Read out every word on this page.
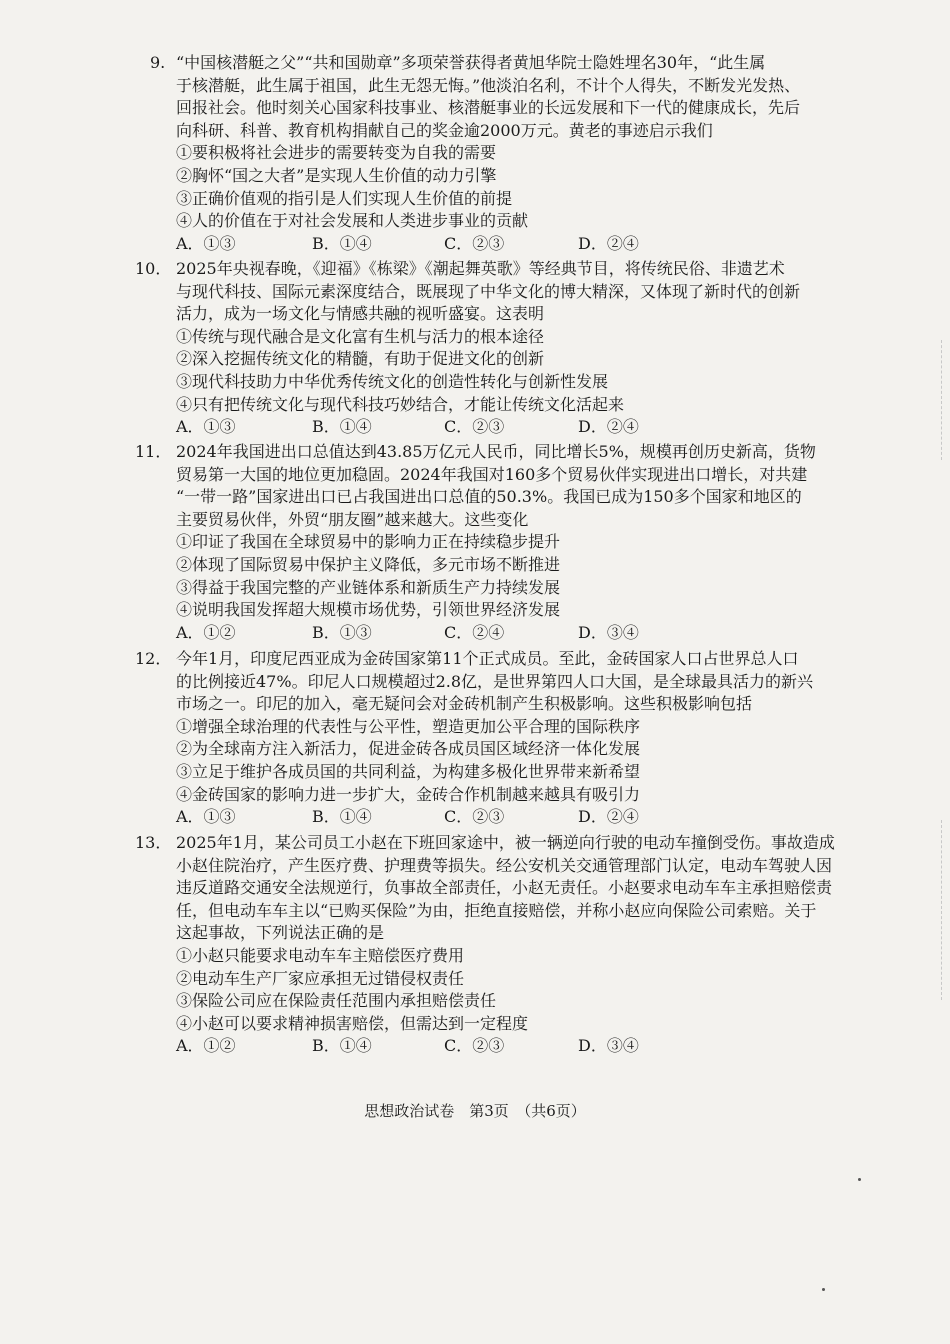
9. “中国核潜艇之父”“共和国勋章”多项荣誉获得者黄旭华院士隐姓埋名30年，“此生属
于核潜艇，此生属于祖国，此生无怨无悔。”他淡泊名利，不计个人得失，不断发光发热、
回报社会。他时刻关心国家科技事业、核潜艇事业的长远发展和下一代的健康成长，先后
向科研、科普、教育机构捐献自己的奖金逾2000万元。黄老的事迹启示我们
①要积极将社会进步的需要转变为自我的需要
②胸怀“国之大者”是实现人生价值的动力引擎
③正确价值观的指引是人们实现人生价值的前提
④人的价值在于对社会发展和人类进步事业的贡献
A．①③	B．①④	C．②③	D．②④
10． 2025年央视春晚，《迎福》《栋梁》《潮起舞英歌》等经典节目，将传统民俗、非遗艺术
与现代科技、国际元素深度结合，既展现了中华文化的博大精深，又体现了新时代的创新
活力，成为一场文化与情感共融的视听盛宴。这表明
①传统与现代融合是文化富有生机与活力的根本途径
②深入挖掘传统文化的精髓，有助于促进文化的创新
③现代科技助力中华优秀传统文化的创造性转化与创新性发展
④只有把传统文化与现代科技巧妙结合，才能让传统文化活起来
A．①③	B．①④	C．②③	D．②④
11． 2024年我国进出口总值达到43.85万亿元人民币，同比增长5%，规模再创历史新高，货物
贸易第一大国的地位更加稳固。2024年我国对160多个贸易伙伴实现进出口增长，对共建
“一带一路”国家进出口已占我国进出口总值的50.3%。我国已成为150多个国家和地区的
主要贸易伙伴，外贸“朋友圈”越来越大。这些变化
①印证了我国在全球贸易中的影响力正在持续稳步提升
②体现了国际贸易中保护主义降低，多元市场不断推进
③得益于我国完整的产业链体系和新质生产力持续发展
④说明我国发挥超大规模市场优势，引领世界经济发展
A．①②	B．①③	C．②④	D．③④
12． 今年1月，印度尼西亚成为金砖国家第11个正式成员。至此，金砖国家人口占世界总人口
的比例接近47%。印尼人口规模超过2.8亿，是世界第四人口大国，是全球最具活力的新兴
市场之一。印尼的加入，毫无疑问会对金砖机制产生积极影响。这些积极影响包括
①增强全球治理的代表性与公平性，塑造更加公平合理的国际秩序
②为全球南方注入新活力，促进金砖各成员国区域经济一体化发展
③立足于维护各成员国的共同利益，为构建多极化世界带来新希望
④金砖国家的影响力进一步扩大，金砖合作机制越来越具有吸引力
A．①③	B．①④	C．②③	D．②④
13． 2025年1月，某公司员工小赵在下班回家途中，被一辆逆向行驶的电动车撞倒受伤。事故造成
小赵住院治疗，产生医疗费、护理费等损失。经公安机关交通管理部门认定，电动车驾驶人因
违反道路交通安全法规逆行，负事故全部责任，小赵无责任。小赵要求电动车车主承担赔偿责
任，但电动车车主以“已购买保险”为由，拒绝直接赔偿，并称小赵应向保险公司索赔。关于
这起事故，下列说法正确的是
①小赵只能要求电动车车主赔偿医疗费用
②电动车生产厂家应承担无过错侵权责任
③保险公司应在保险责任范围内承担赔偿责任
④小赵可以要求精神损害赔偿，但需达到一定程度
A．①②	B．①④	C．②③	D．③④
思想政治试卷　第3页　（共6页）
